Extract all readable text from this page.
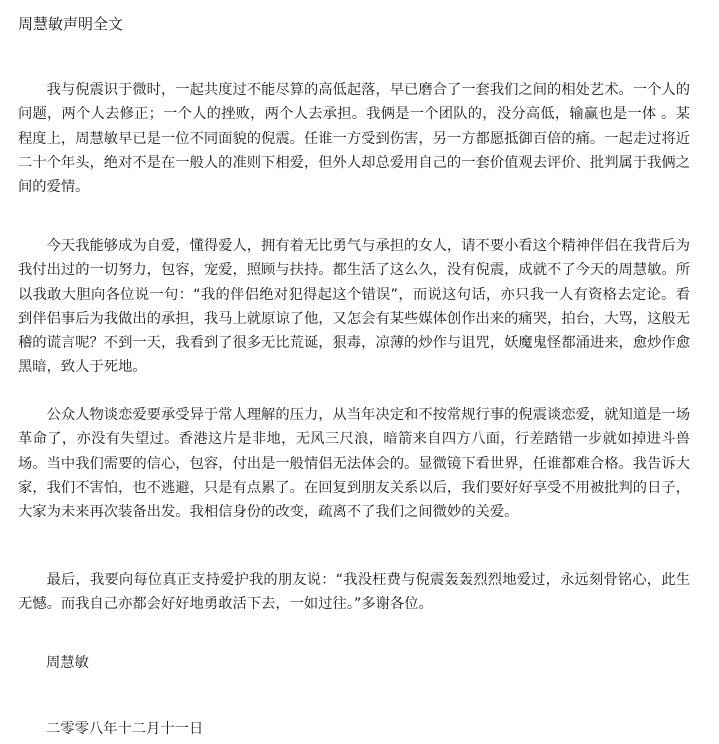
周慧敏声明全文

我与倪震识于微时，一起共度过不能尽算的高低起落，早已磨合了一套我们之间的相处艺术。一个人的问题，两个人去修正；一个人的挫败，两个人去承担。我俩是一个团队的，没分高低，输赢也是一体 。某程度上，周慧敏早已是一位不同面貌的倪震。任谁一方受到伤害，另一方都愿抵御百倍的痛。一起走过将近二十个年头，绝对不是在一般人的准则下相爱，但外人却总爱用自己的一套价值观去评价、批判属于我俩之间的爱情。

今天我能够成为自爱，懂得爱人，拥有着无比勇气与承担的女人，请不要小看这个精神伴侣在我背后为我付出过的一切努力，包容，宠爱，照顾与扶持。都生活了这么久，没有倪震，成就不了今天的周慧敏。所以我敢大胆向各位说一句：“我的伴侣绝对犯得起这个错误”，而说这句话，亦只我一人有资格去定论。看到伴侣事后为我做出的承担，我马上就原谅了他，又怎会有某些媒体创作出来的痛哭，拍台，大骂，这般无稽的谎言呢？不到一天，我看到了很多无比荒诞，狠毒，凉薄的炒作与诅咒，妖魔鬼怪都涌进来，愈炒作愈黑暗，致人于死地。

公众人物谈恋爱要承受异于常人理解的压力，从当年决定和不按常规行事的倪震谈恋爱，就知道是一场革命了，亦没有失望过。香港这片是非地，无风三尺浪，暗箭来自四方八面，行差踏错一步就如掉进斗兽场。当中我们需要的信心，包容，付出是一般情侣无法体会的。显微镜下看世界，任谁都难合格。我告诉大家，我们不害怕，也不逃避，只是有点累了。在回复到朋友关系以后，我们要好好享受不用被批判的日子，大家为未来再次装备出发。我相信身份的改变，疏离不了我们之间微妙的关爱。

最后，我要向每位真正支持爱护我的朋友说：“我没枉费与倪震轰轰烈烈地爱过，永远刻骨铭心，此生无憾。而我自己亦都会好好地勇敢活下去，一如过往。”多谢各位。

周慧敏
二零零八年十二月十一日
